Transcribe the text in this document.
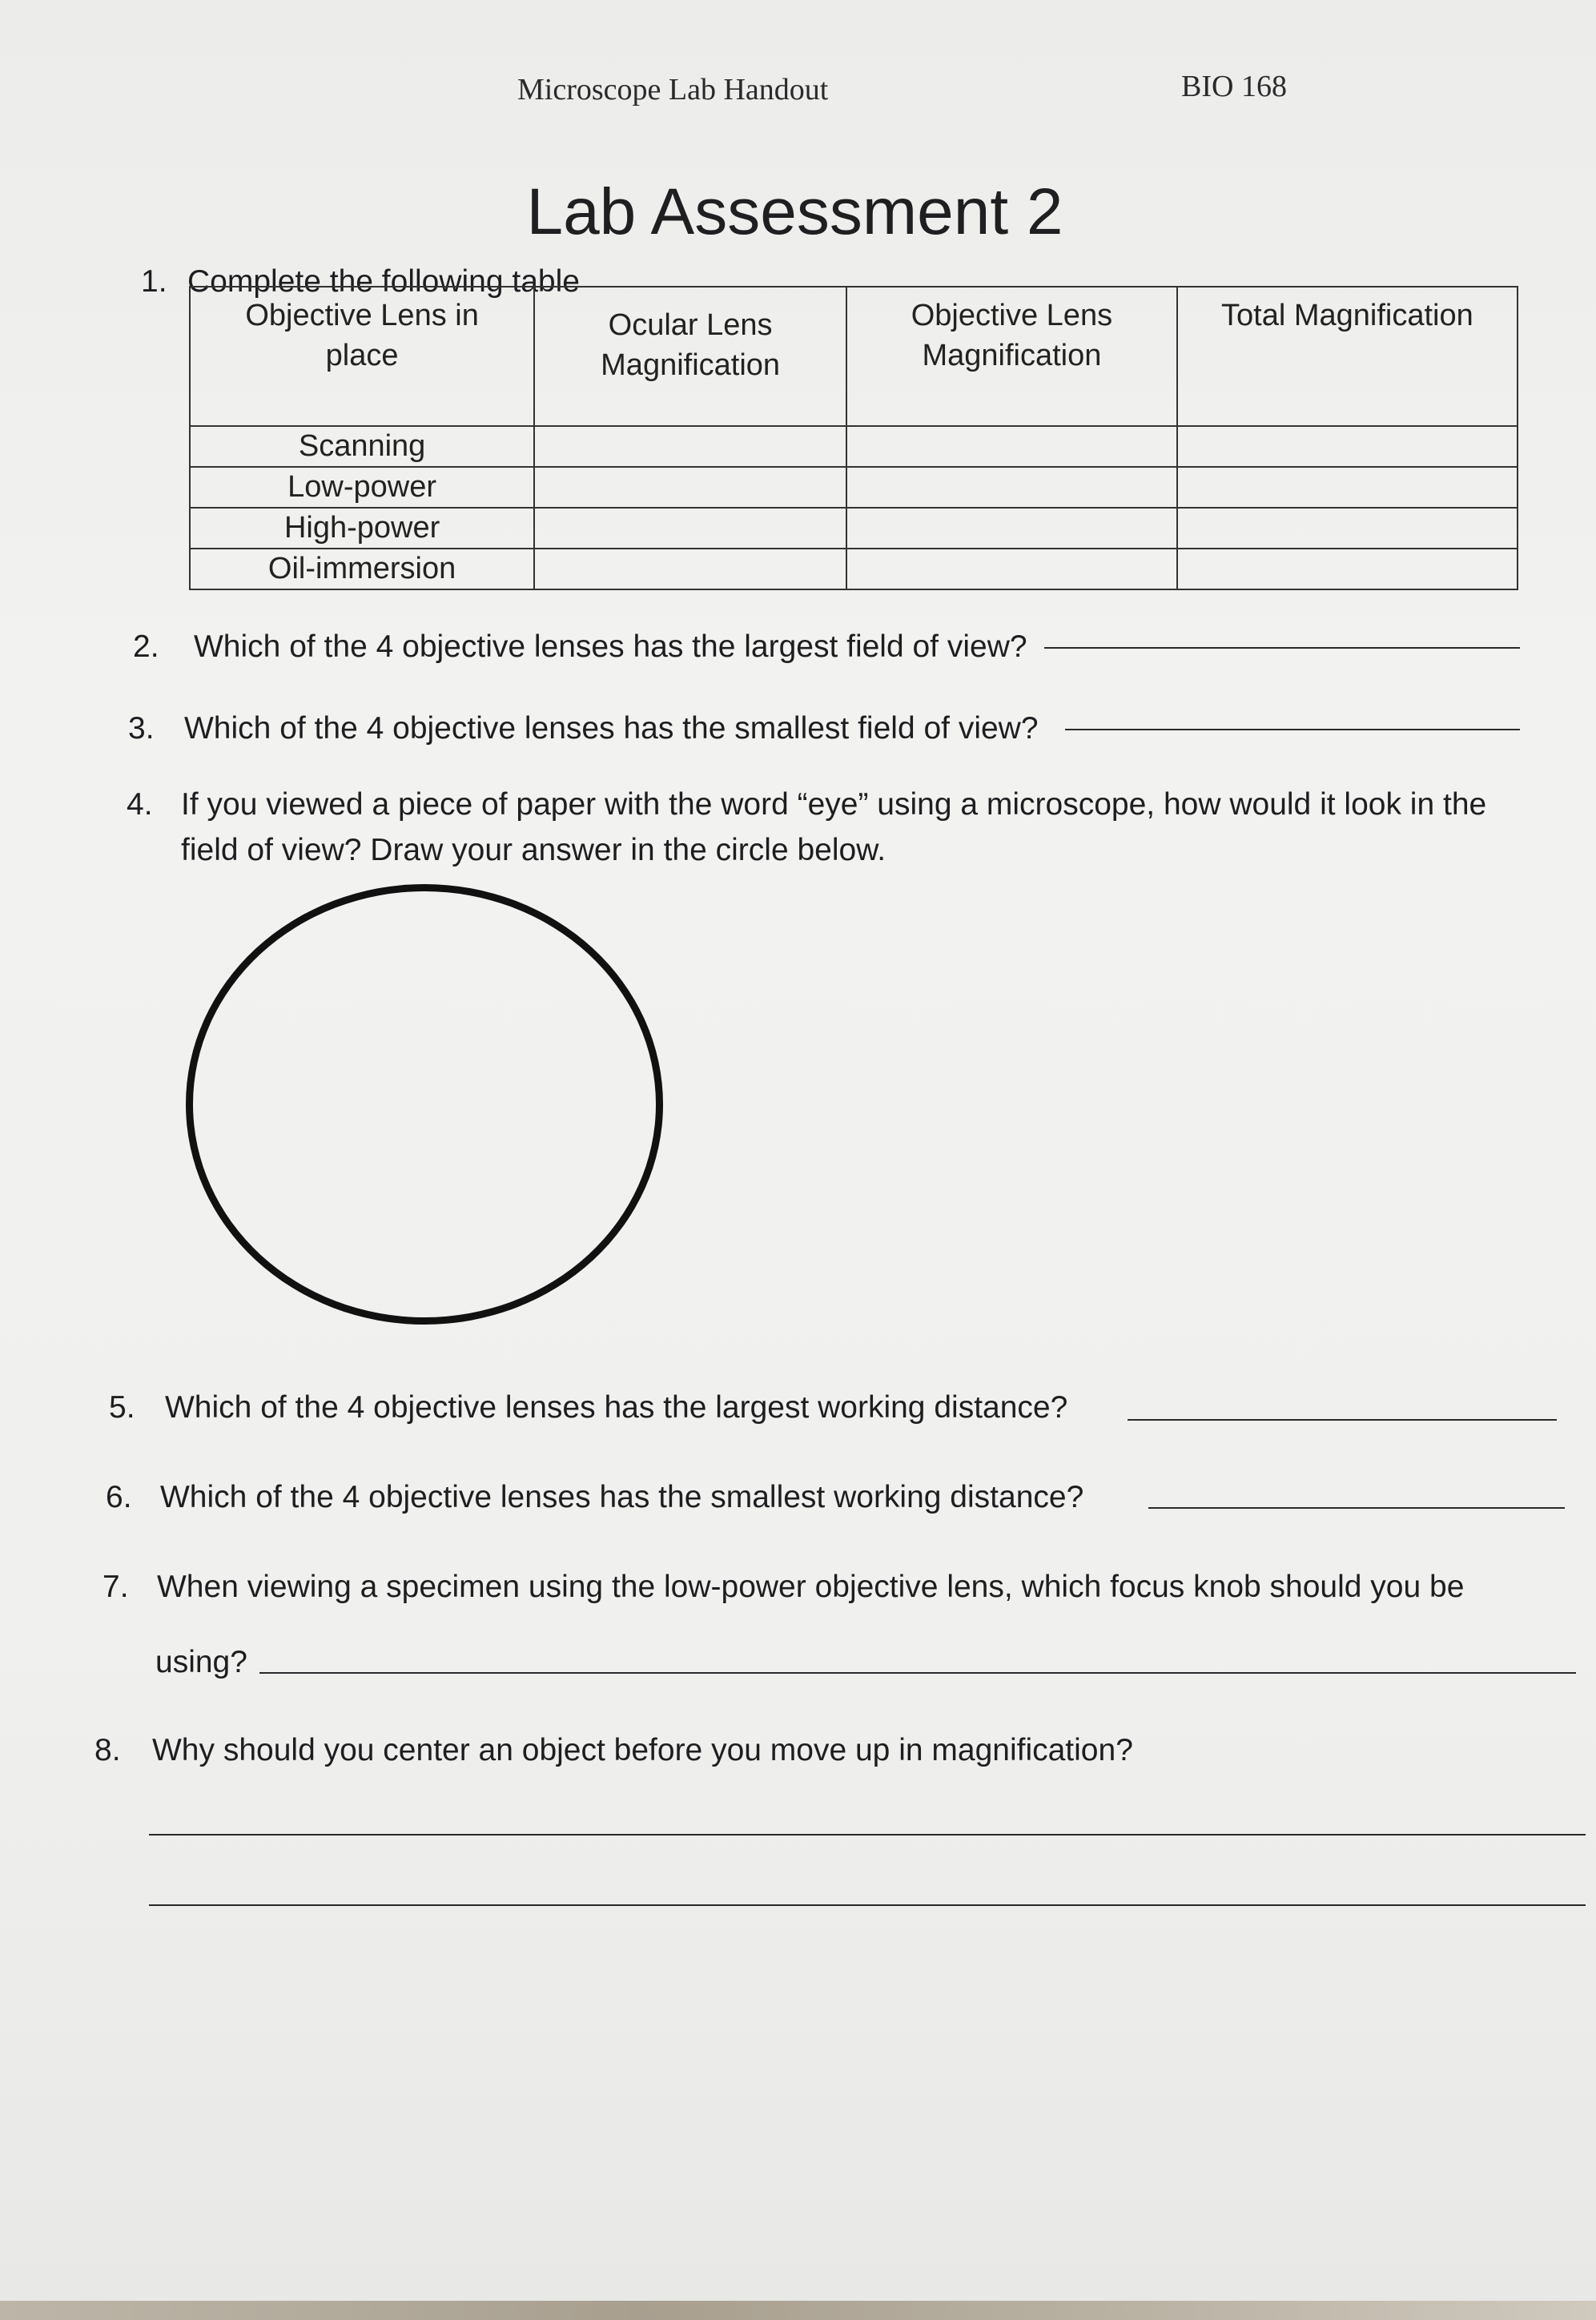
Microscope Lab Handout	BIO 168
Lab Assessment 2
1. Complete the following table
Objective Lens in place	Ocular Lens Magnification	Objective Lens Magnification	Total Magnification
Scanning			
Low-power			
High-power			
Oil-immersion			
2. Which of the 4 objective lenses has the largest field of view?
3. Which of the 4 objective lenses has the smallest field of view?
4. If you viewed a piece of paper with the word “eye” using a microscope, how would it look in the
field of view? Draw your answer in the circle below.
5. Which of the 4 objective lenses has the largest working distance?
6. Which of the 4 objective lenses has the smallest working distance?
7. When viewing a specimen using the low-power objective lens, which focus knob should you be
using?
8. Why should you center an object before you move up in magnification?
